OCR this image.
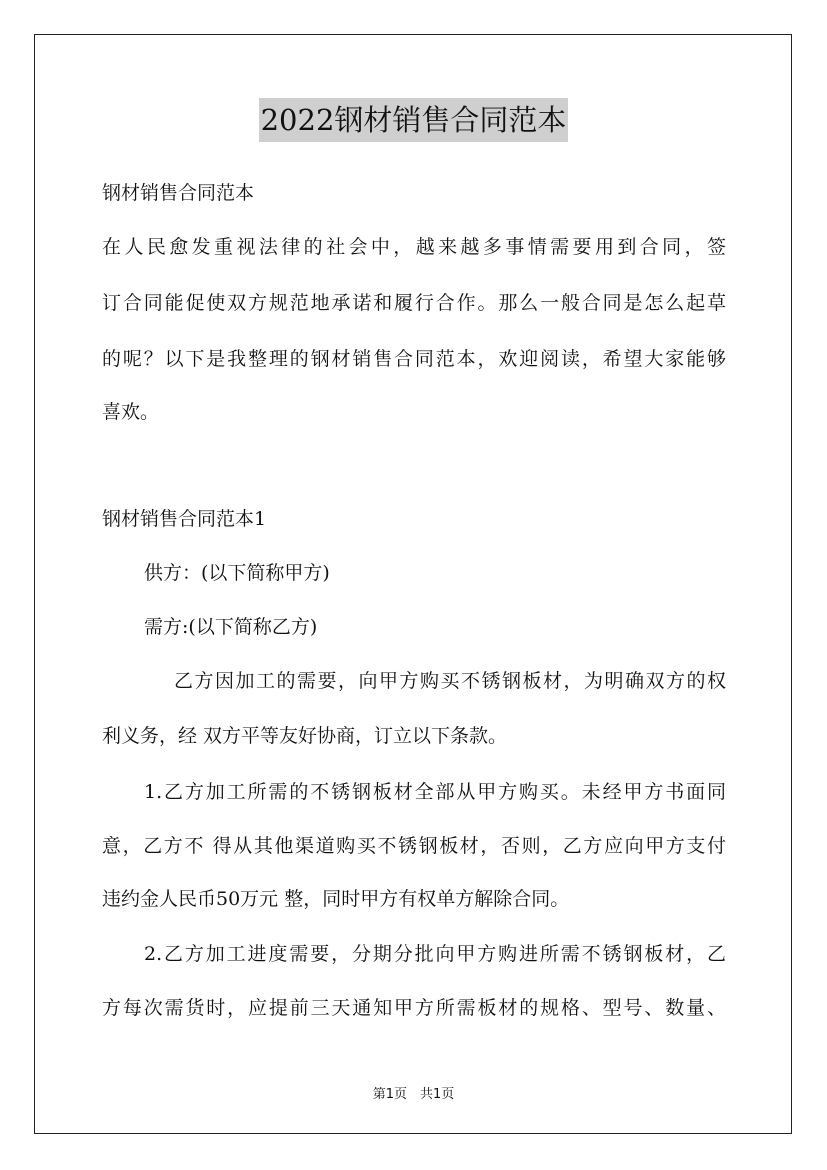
2022钢材销售合同范本
钢材销售合同范本
在人民愈发重视法律的社会中，越来越多事情需要用到合同，签
订合同能促使双方规范地承诺和履行合作。那么一般合同是怎么起草
的呢？以下是我整理的钢材销售合同范本，欢迎阅读，希望大家能够
喜欢。
钢材销售合同范本1
供方：(以下简称甲方)
需方:(以下简称乙方)
乙方因加工的需要，向甲方购买不锈钢板材，为明确双方的权
利义务，经 双方平等友好协商，订立以下条款。
1.乙方加工所需的不锈钢板材全部从甲方购买。未经甲方书面同
意，乙方不 得从其他渠道购买不锈钢板材，否则，乙方应向甲方支付
违约金人民币50万元 整，同时甲方有权单方解除合同。
2.乙方加工进度需要，分期分批向甲方购进所需不锈钢板材，乙
方每次需货时，应提前三天通知甲方所需板材的规格、型号、数量、
第1页　共1页
